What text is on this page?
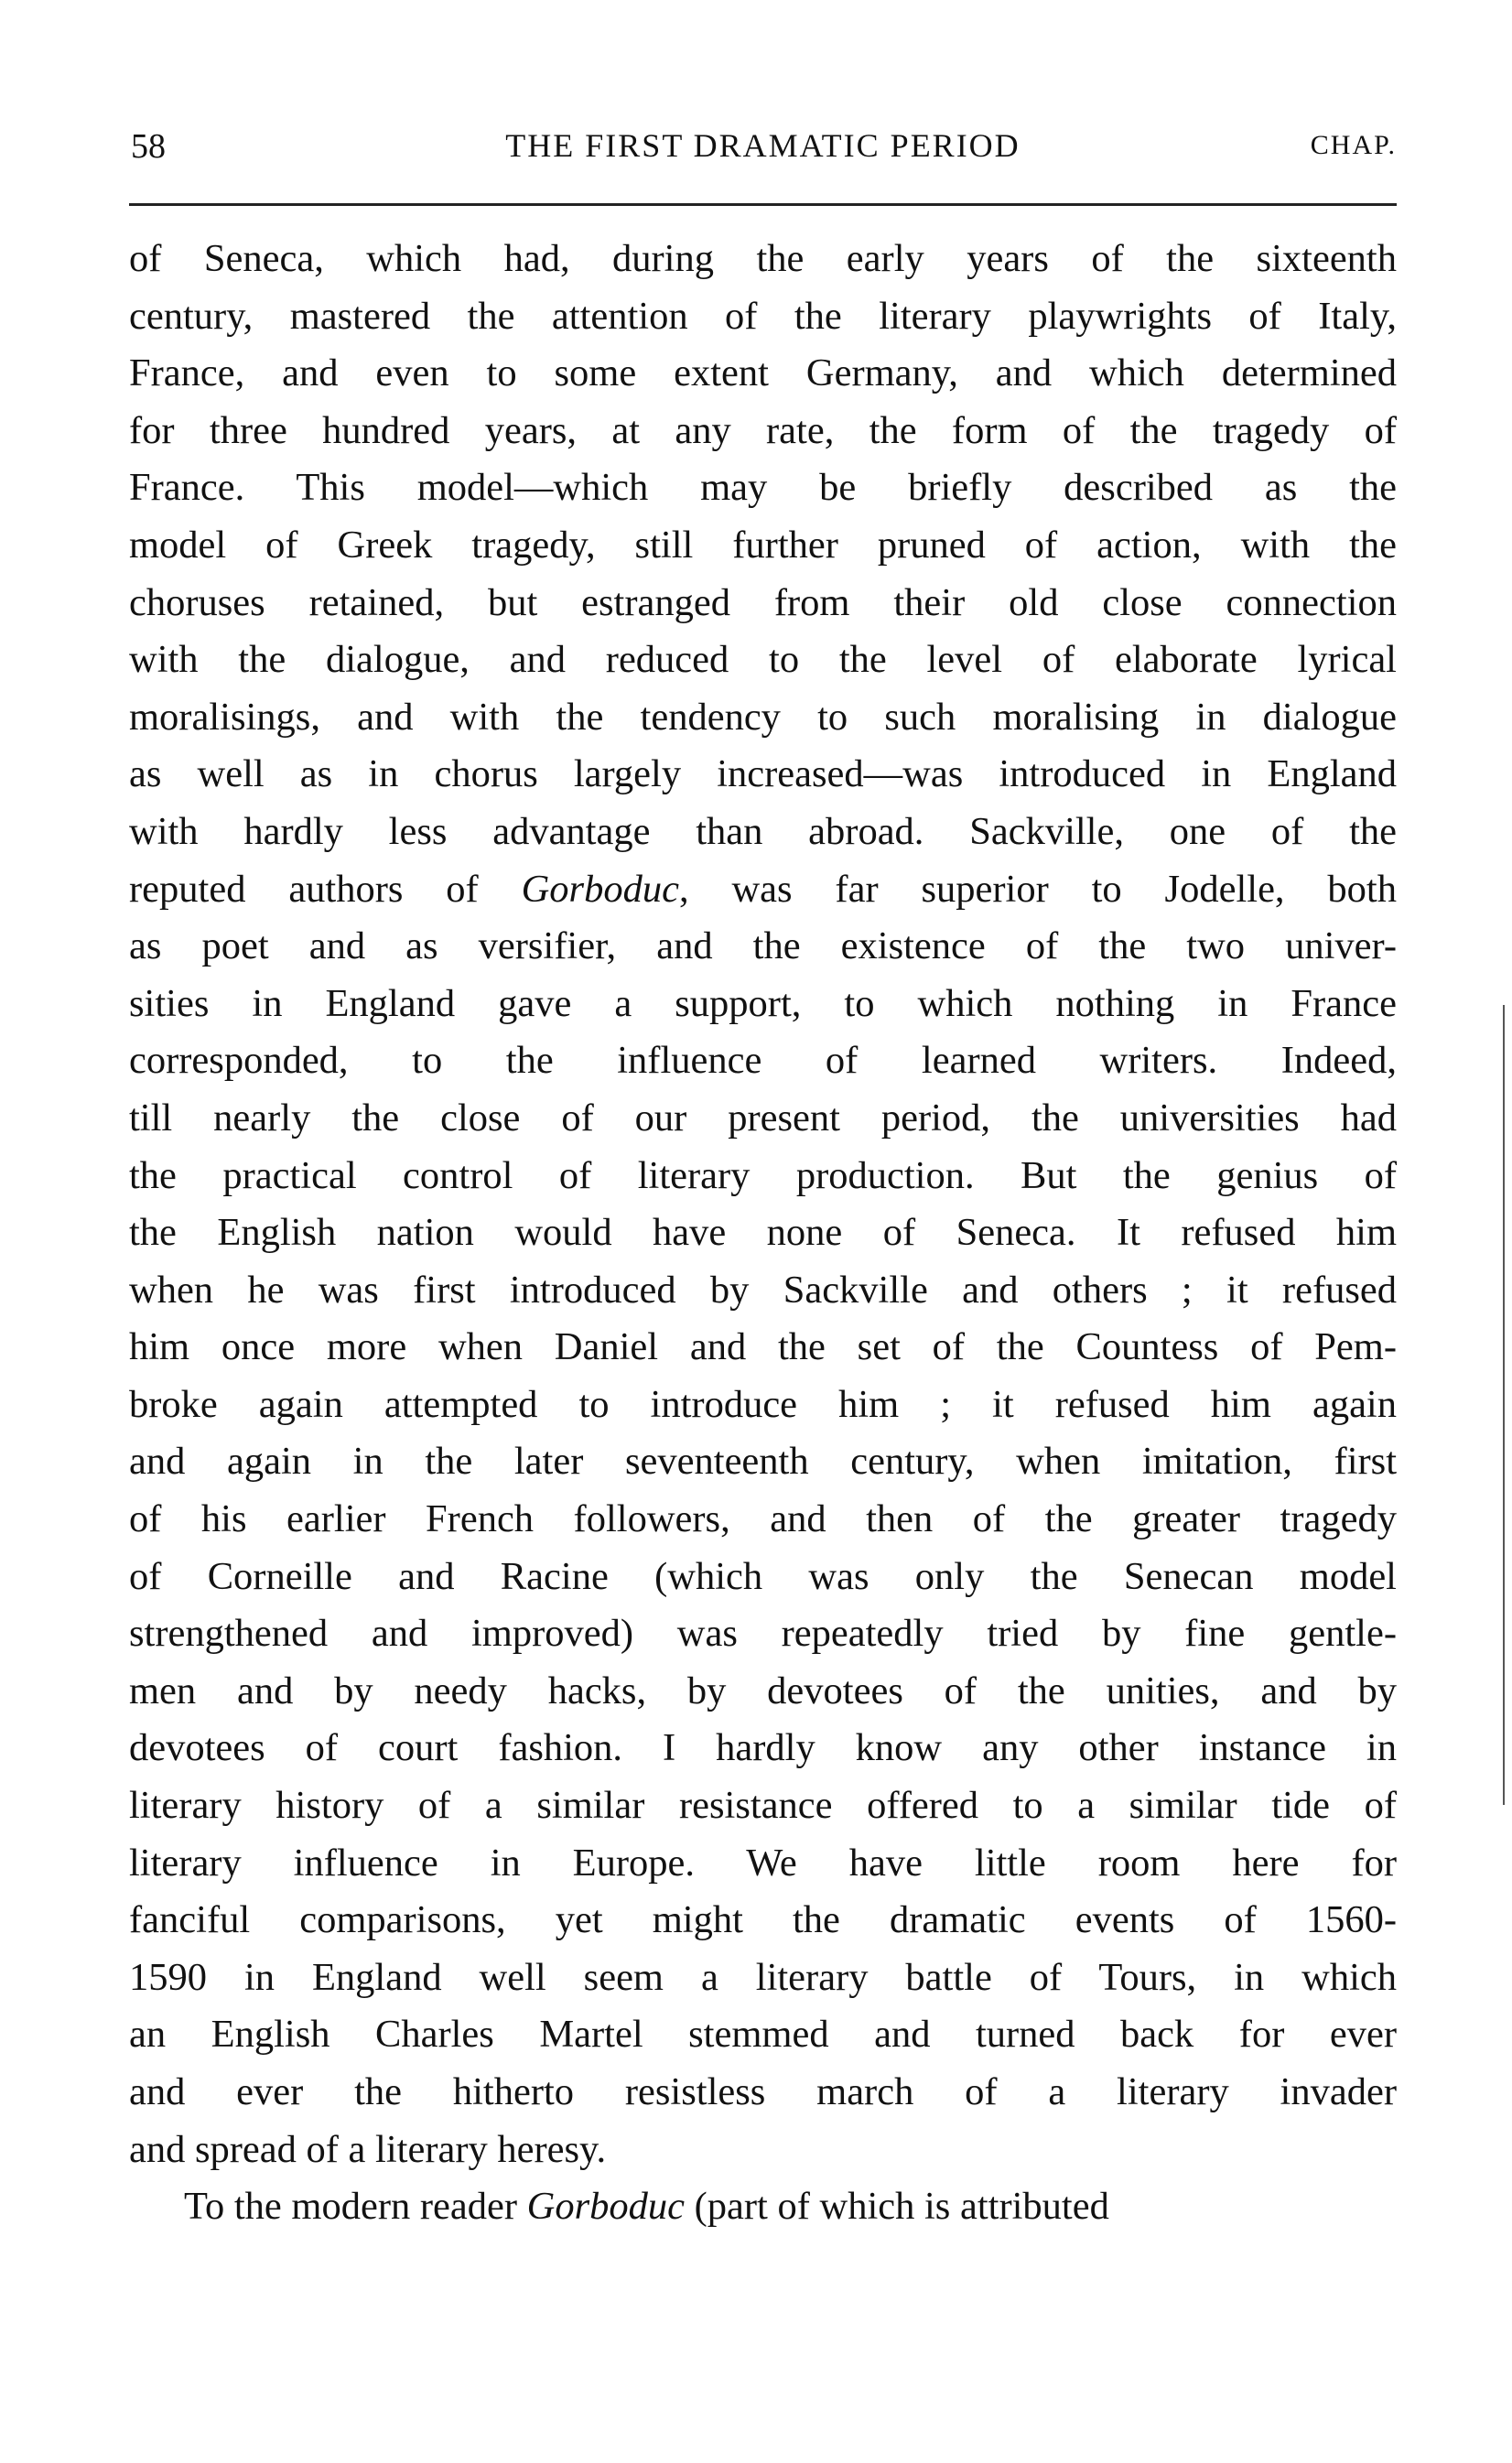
58	THE FIRST DRAMATIC PERIOD	CHAP.
of Seneca, which had, during the early years of the sixteenth
century, mastered the attention of the literary playwrights of Italy,
France, and even to some extent Germany, and which determined
for three hundred years, at any rate, the form of the tragedy of
France. This model—which may be briefly described as the
model of Greek tragedy, still further pruned of action, with the
choruses retained, but estranged from their old close connection
with the dialogue, and reduced to the level of elaborate lyrical
moralisings, and with the tendency to such moralising in dialogue
as well as in chorus largely increased—was introduced in England
with hardly less advantage than abroad. Sackville, one of the
reputed authors of Gorboduc, was far superior to Jodelle, both
as poet and as versifier, and the existence of the two univer-
sities in England gave a support, to which nothing in France
corresponded, to the influence of learned writers. Indeed,
till nearly the close of our present period, the universities had
the practical control of literary production. But the genius of
the English nation would have none of Seneca. It refused him
when he was first introduced by Sackville and others ; it refused
him once more when Daniel and the set of the Countess of Pem-
broke again attempted to introduce him ; it refused him again
and again in the later seventeenth century, when imitation, first
of his earlier French followers, and then of the greater tragedy
of Corneille and Racine (which was only the Senecan model
strengthened and improved) was repeatedly tried by fine gentle-
men and by needy hacks, by devotees of the unities, and by
devotees of court fashion. I hardly know any other instance in
literary history of a similar resistance offered to a similar tide of
literary influence in Europe. We have little room here for
fanciful comparisons, yet might the dramatic events of 1560-
1590 in England well seem a literary battle of Tours, in which
an English Charles Martel stemmed and turned back for ever
and ever the hitherto resistless march of a literary invader
and spread of a literary heresy.
To the modern reader Gorboduc (part of which is attributed
